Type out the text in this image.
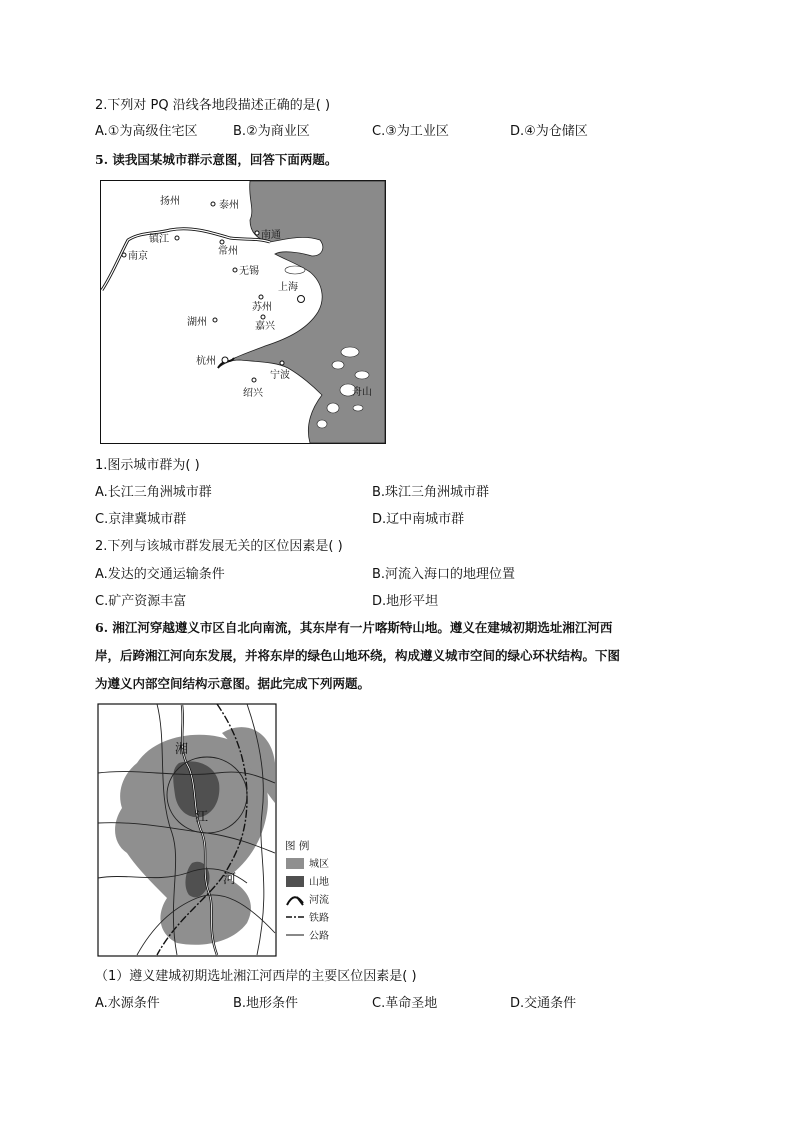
2.下列对 PQ 沿线各地段描述正确的是( )
A.①为高级住宅区	B.②为商业区	C.③为工业区	D.④为仓储区
5. 读我国某城市群示意图，回答下面两题。
扬州	泰州
南通
镇江
常州
南京
无锡
上海
苏州
湖州	嘉兴
杭州
宁波
绍兴	舟山
1.图示城市群为( )
A.长江三角洲城市群	B.珠江三角洲城市群
C.京津冀城市群	D.辽中南城市群
2.下列与该城市群发展无关的区位因素是( )
A.发达的交通运输条件	B.河流入海口的地理位置
C.矿产资源丰富	D.地形平坦
6. 湘江河穿越遵义市区自北向南流，其东岸有一片喀斯特山地。遵义在建城初期选址湘江河西
岸，后跨湘江河向东发展，并将东岸的绿色山地环绕，构成遵义城市空间的绿心环状结构。下图
为遵义内部空间结构示意图。据此完成下列两题。
湘
江
河
图 例
城区
山地
河流
铁路
公路
（1）遵义建城初期选址湘江河西岸的主要区位因素是( )
A.水源条件	B.地形条件	C.革命圣地	D.交通条件
